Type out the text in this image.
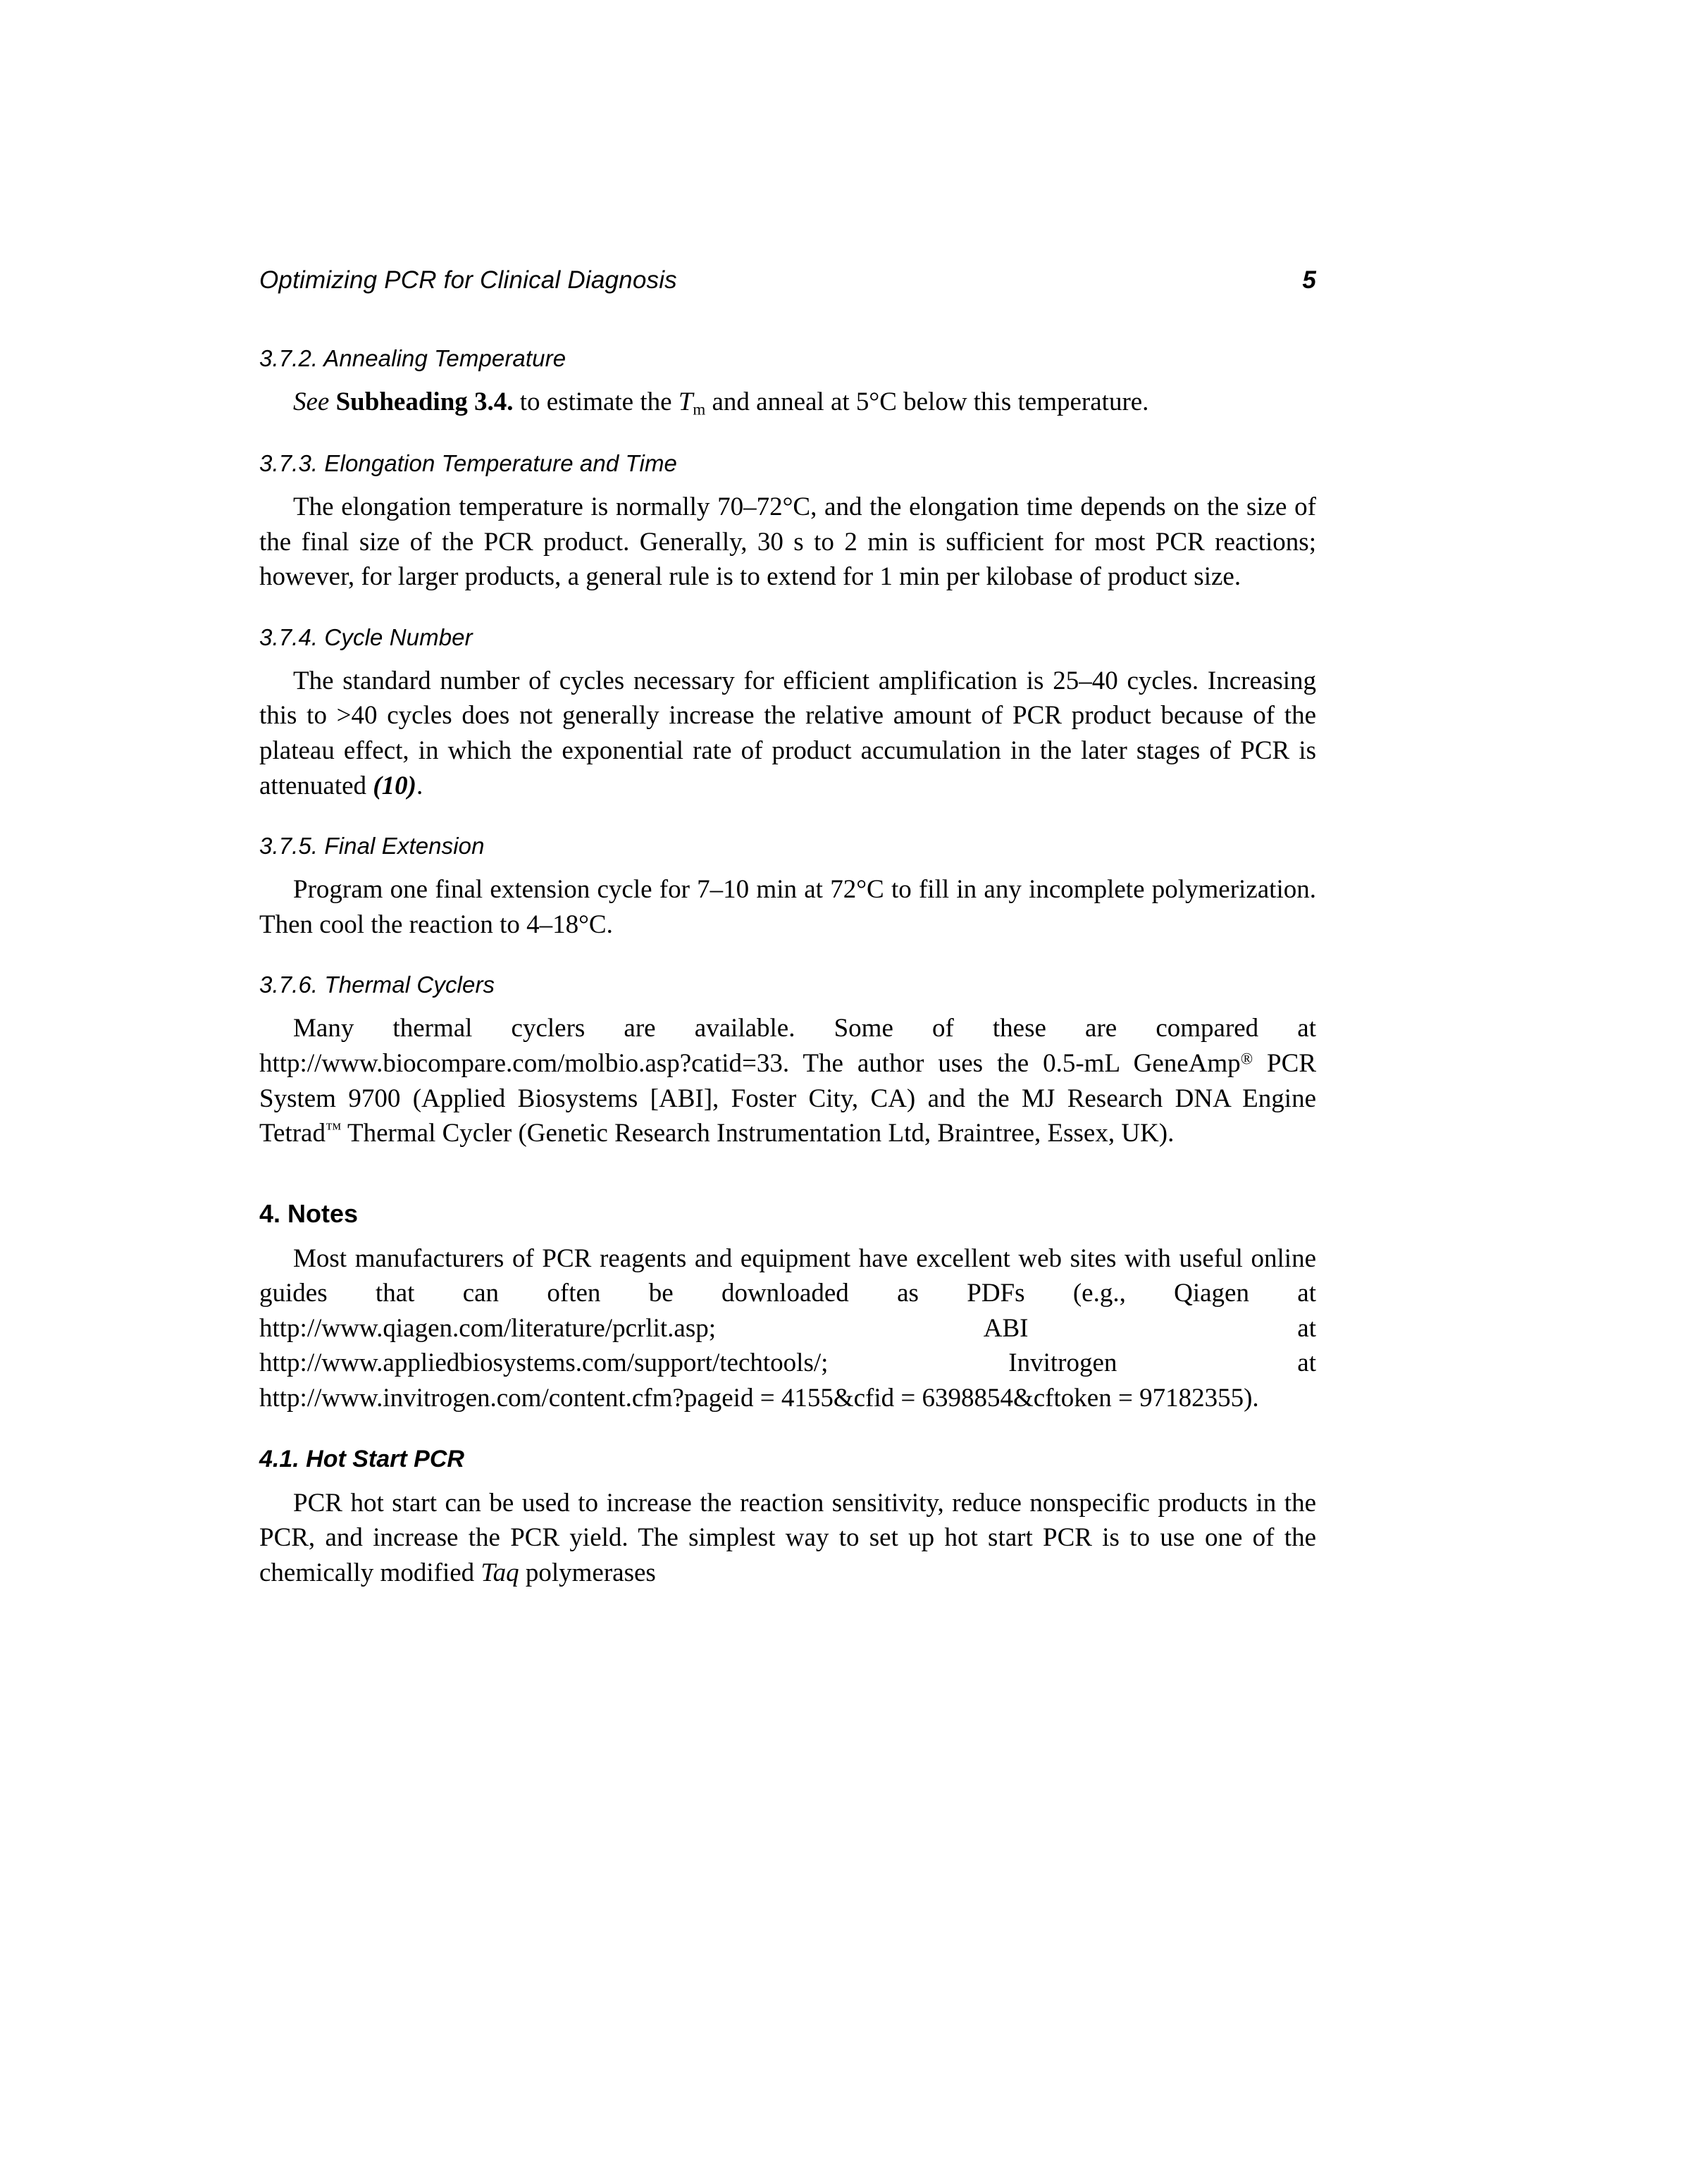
Optimizing PCR for Clinical Diagnosis	5
3.7.2. Annealing Temperature

See Subheading 3.4. to estimate the Tm and anneal at 5°C below this temperature.

3.7.3. Elongation Temperature and Time

The elongation temperature is normally 70–72°C, and the elongation time depends on the size of the final size of the PCR product. Generally, 30 s to 2 min is sufficient for most PCR reactions; however, for larger products, a general rule is to extend for 1 min per kilobase of product size.

3.7.4. Cycle Number

The standard number of cycles necessary for efficient amplification is 25–40 cycles. Increasing this to >40 cycles does not generally increase the relative amount of PCR product because of the plateau effect, in which the exponential rate of product accumulation in the later stages of PCR is attenuated (10).

3.7.5. Final Extension

Program one final extension cycle for 7–10 min at 72°C to fill in any incomplete polymerization. Then cool the reaction to 4–18°C.

3.7.6. Thermal Cyclers

Many thermal cyclers are available. Some of these are compared at http://www.biocompare.com/molbio.asp?catid=33. The author uses the 0.5-mL GeneAmp® PCR System 9700 (Applied Biosystems [ABI], Foster City, CA) and the MJ Research DNA Engine Tetrad™ Thermal Cycler (Genetic Research Instrumentation Ltd, Braintree, Essex, UK).

4. Notes

Most manufacturers of PCR reagents and equipment have excellent web sites with useful online guides that can often be downloaded as PDFs (e.g., Qiagen at http://www.qiagen.com/literature/pcrlit.asp; ABI at http://www.appliedbiosystems.com/support/techtools/; Invitrogen at http://www.invitrogen.com/content.cfm?pageid = 4155&cfid = 6398854&cftoken = 97182355).

4.1. Hot Start PCR

PCR hot start can be used to increase the reaction sensitivity, reduce nonspecific products in the PCR, and increase the PCR yield. The simplest way to set up hot start PCR is to use one of the chemically modified Taq polymerases
